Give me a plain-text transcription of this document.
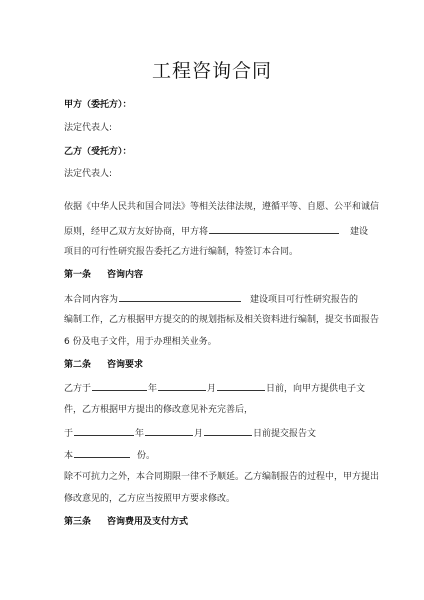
工程咨询合同
甲方（委托方）：
法定代表人:
乙方（受托方）：
法定代表人:
依据《中华人民共和国合同法》等相关法律法规，遵循平等、自愿、公平和诚信
原则，经甲乙双方友好协商，甲方将	建设
项目的可行性研究报告委托乙方进行编制，特签订本合同。
第一条 咨询内容
本合同内容为	建设项目可行性研究报告的
编制工作，乙方根据甲方提交的的规划指标及相关资料进行编制，提交书面报告
6 份及电子文件，用于办理相关业务。
第二条 咨询要求
乙方于	年	月	日前，向甲方提供电子文
件，乙方根据甲方提出的修改意见补充完善后，
于	年	月	日前提交报告文
本	份。
除不可抗力之外，本合同期限一律不予顺延。乙方编制报告的过程中，甲方提出
修改意见的，乙方应当按照甲方要求修改。
第三条 咨询费用及支付方式
